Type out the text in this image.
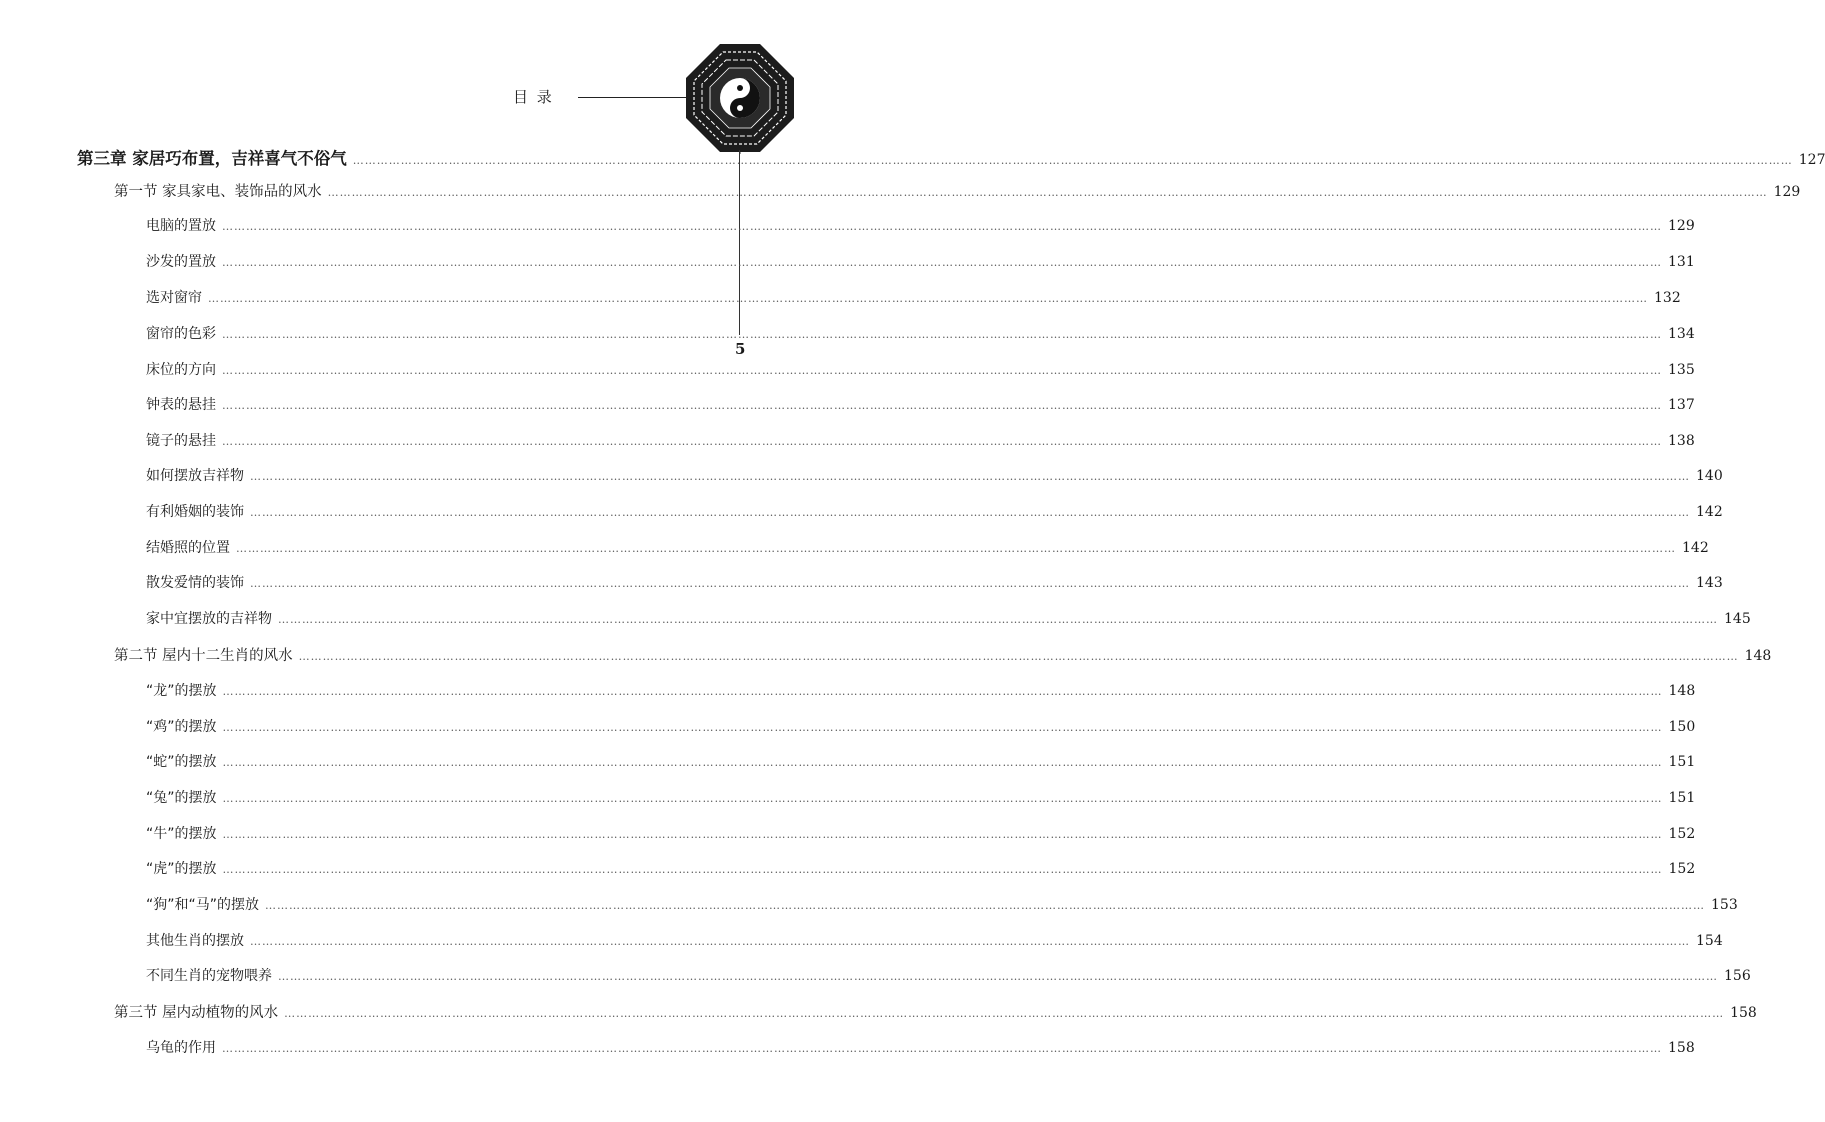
目 录
5
第三章 家居巧布置，吉祥喜气不俗气 ……………………………………………………………………………………………………………………………………………………………………………………………………………………………………………………………………………………………………………………………… 127
第一节 家具家电、装饰品的风水 ……………………………………………………………………………………………………………………………………………………………………………………………………………………………………………………………………………………………………………………………… 129
电脑的置放 ……………………………………………………………………………………………………………………………………………………………………………………………………………………………………………………………………………………………………………………………… 129
沙发的置放 ……………………………………………………………………………………………………………………………………………………………………………………………………………………………………………………………………………………………………………………………… 131
选对窗帘 ……………………………………………………………………………………………………………………………………………………………………………………………………………………………………………………………………………………………………………………………… 132
窗帘的色彩 ……………………………………………………………………………………………………………………………………………………………………………………………………………………………………………………………………………………………………………………………… 134
床位的方向 ……………………………………………………………………………………………………………………………………………………………………………………………………………………………………………………………………………………………………………………………… 135
钟表的悬挂 ……………………………………………………………………………………………………………………………………………………………………………………………………………………………………………………………………………………………………………………………… 137
镜子的悬挂 ……………………………………………………………………………………………………………………………………………………………………………………………………………………………………………………………………………………………………………………………… 138
如何摆放吉祥物 ……………………………………………………………………………………………………………………………………………………………………………………………………………………………………………………………………………………………………………………………… 140
有利婚姻的装饰 ……………………………………………………………………………………………………………………………………………………………………………………………………………………………………………………………………………………………………………………………… 142
结婚照的位置 ……………………………………………………………………………………………………………………………………………………………………………………………………………………………………………………………………………………………………………………………… 142
散发爱情的装饰 ……………………………………………………………………………………………………………………………………………………………………………………………………………………………………………………………………………………………………………………………… 143
家中宜摆放的吉祥物 ……………………………………………………………………………………………………………………………………………………………………………………………………………………………………………………………………………………………………………………………… 145
第二节 屋内十二生肖的风水 ……………………………………………………………………………………………………………………………………………………………………………………………………………………………………………………………………………………………………………………………… 148
“龙”的摆放 ……………………………………………………………………………………………………………………………………………………………………………………………………………………………………………………………………………………………………………………………… 148
“鸡”的摆放 ……………………………………………………………………………………………………………………………………………………………………………………………………………………………………………………………………………………………………………………………… 150
“蛇”的摆放 ……………………………………………………………………………………………………………………………………………………………………………………………………………………………………………………………………………………………………………………………… 151
“兔”的摆放 ……………………………………………………………………………………………………………………………………………………………………………………………………………………………………………………………………………………………………………………………… 151
“牛”的摆放 ……………………………………………………………………………………………………………………………………………………………………………………………………………………………………………………………………………………………………………………………… 152
“虎”的摆放 ……………………………………………………………………………………………………………………………………………………………………………………………………………………………………………………………………………………………………………………………… 152
“狗”和“马”的摆放 ……………………………………………………………………………………………………………………………………………………………………………………………………………………………………………………………………………………………………………………………… 153
其他生肖的摆放 ……………………………………………………………………………………………………………………………………………………………………………………………………………………………………………………………………………………………………………………………… 154
不同生肖的宠物喂养 ……………………………………………………………………………………………………………………………………………………………………………………………………………………………………………………………………………………………………………………………… 156
第三节 屋内动植物的风水 ……………………………………………………………………………………………………………………………………………………………………………………………………………………………………………………………………………………………………………………………… 158
乌龟的作用 ……………………………………………………………………………………………………………………………………………………………………………………………………………………………………………………………………………………………………………………………… 158
